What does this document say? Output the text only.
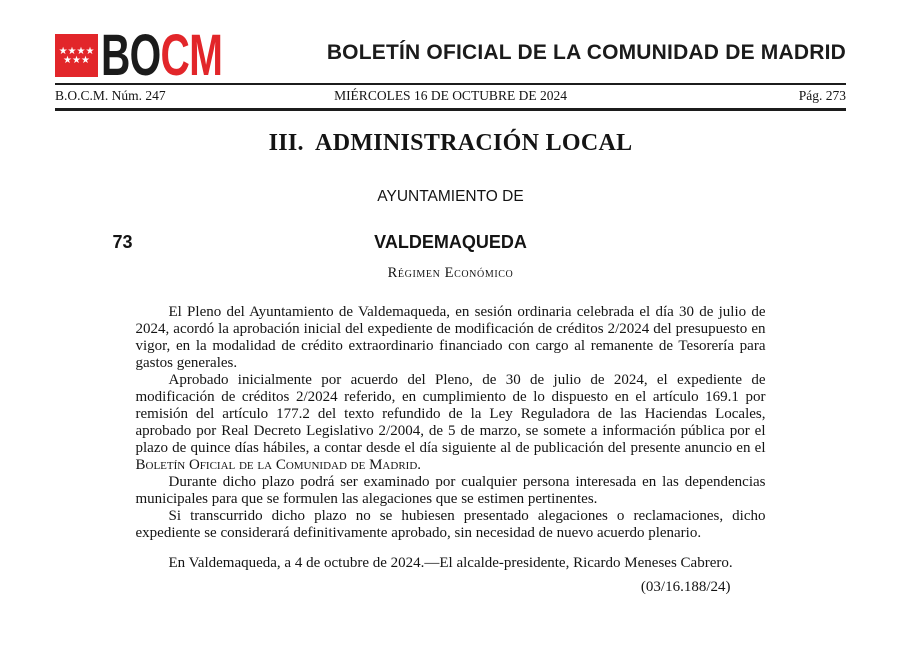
★★★★
★★★ BOCM	BOLETÍN OFICIAL DE LA COMUNIDAD DE MADRID
B.O.C.M. Núm. 247	MIÉRCOLES 16 DE OCTUBRE DE 2024	Pág. 273
III.  ADMINISTRACIÓN LOCAL
AYUNTAMIENTO DE
73	VALDEMAQUEDA
Régimen Económico

El Pleno del Ayuntamiento de Valdemaqueda, en sesión ordinaria celebrada el día 30 de julio de 2024, acordó la aprobación inicial del expediente de modificación de créditos 2/2024 del presupuesto en vigor, en la modalidad de crédito extraordinario financiado con cargo al remanente de Tesorería para gastos generales.

Aprobado inicialmente por acuerdo del Pleno, de 30 de julio de 2024, el expediente de modificación de créditos 2/2024 referido, en cumplimiento de lo dispuesto en el artículo 169.1 por remisión del artículo 177.2 del texto refundido de la Ley Reguladora de las Haciendas Locales, aprobado por Real Decreto Legislativo 2/2004, de 5 de marzo, se somete a información pública por el plazo de quince días hábiles, a contar desde el día siguiente al de publicación del presente anuncio en el Boletín Oficial de la Comunidad de Madrid.

Durante dicho plazo podrá ser examinado por cualquier persona interesada en las dependencias municipales para que se formulen las alegaciones que se estimen pertinentes.

Si transcurrido dicho plazo no se hubiesen presentado alegaciones o reclamaciones, dicho expediente se considerará definitivamente aprobado, sin necesidad de nuevo acuerdo plenario.

En Valdemaqueda, a 4 de octubre de 2024.—El alcalde-presidente, Ricardo Meneses Cabrero.

(03/16.188/24)
